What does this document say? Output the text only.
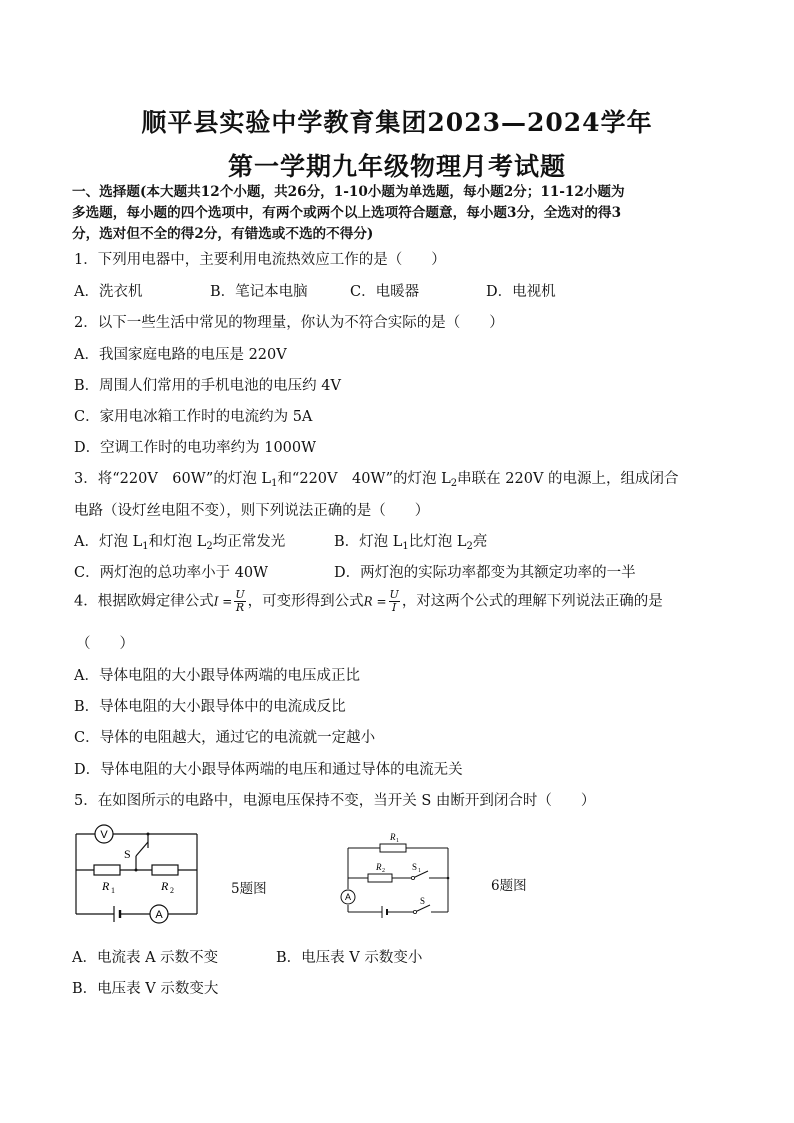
顺平县实验中学教育集团2023—2024学年
第一学期九年级物理月考试题
一、选择题(本大题共12个小题，共26分，1-10小题为单选题，每小题2分；11-12小题为
多选题，每小题的四个选项中，有两个或两个以上选项符合题意，每小题3分，全选对的得3
分，选对但不全的得2分，有错选或不选的不得分)
1．下列用电器中，主要利用电流热效应工作的是（　　）
A．洗衣机	B．笔记本电脑	C．电暖器	D．电视机
2．以下一些生活中常见的物理量，你认为不符合实际的是（　　）
A．我国家庭电路的电压是 220V
B．周围人们常用的手机电池的电压约 4V
C．家用电冰箱工作时的电流约为 5A
D．空调工作时的电功率约为 1000W
3．将“220V　60W”的灯泡 $L_1$和“220V　40W”的灯泡 $L_2$串联在 220V 的电源上，组成闭合
电路（设灯丝电阻不变），则下列说法正确的是（　　）
A．灯泡 $L_1$和灯泡 $L_2$均正常发光	B．灯泡 $L_1$比灯泡 $L_2$亮
C．两灯泡的总功率小于 40W	D．两灯泡的实际功率都变为其额定功率的一半
4．根据欧姆定律公式$I = \frac{U}{R}$ ，可变形得到公式$R = \frac{U}{I}$ ，对这两个公式的理解下列说法正确的是
（　　）
A．导体电阻的大小跟导体两端的电压成正比
B．导体电阻的大小跟导体中的电流成反比
C．导体的电阻越大，通过它的电流就一定越小
D．导体电阻的大小跟导体两端的电压和通过导体的电流无关
5．在如图所示的电路中，电源电压保持不变，当开关 S 由断开到闭合时（　　）
V
A
S
R 1	R 2	5题图	A
R 1
R 2	S 1
S
6题图
A．电流表 A 示数不变	B．电压表 V 示数变小
B．电压表 V 示数变大
